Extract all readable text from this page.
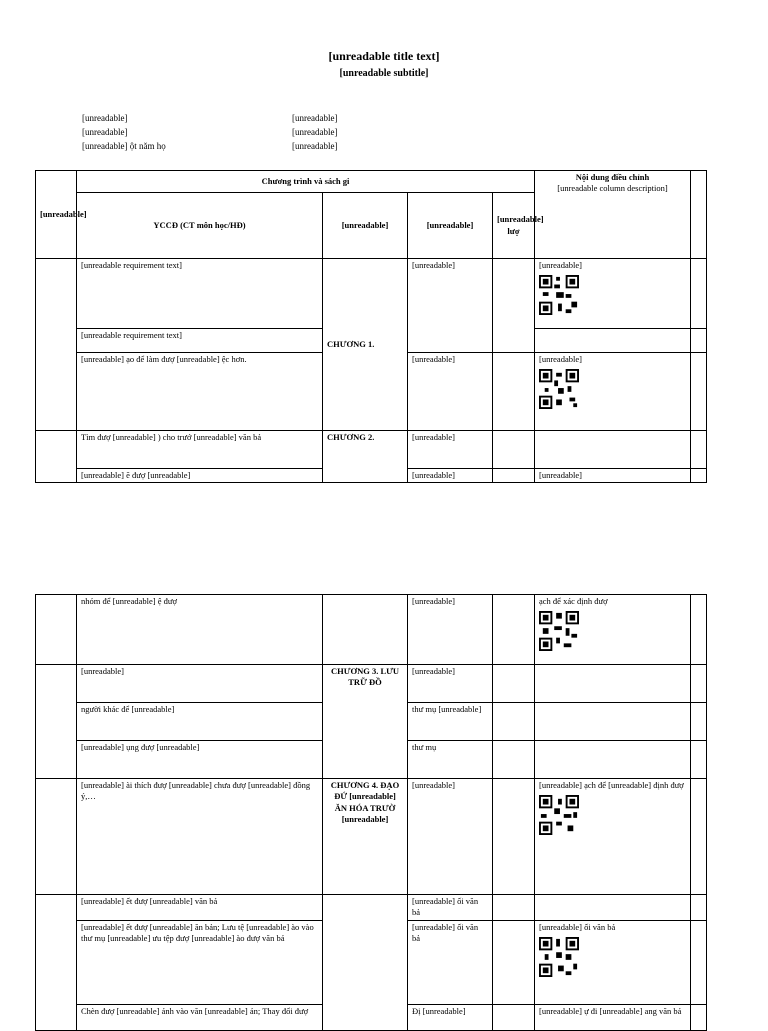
[unreadable title text]
[unreadable subtitle]
[unreadable]	[unreadable]
[unreadable]	[unreadable]
[unreadable] ột năm họ	[unreadable]
[unreadable]	Chương trình và sách gi				Nội dung điều chỉnh
[unreadable column description]	

	YCCĐ (CT môn học/HĐ)	[unreadable]	[unreadable]	[unreadable] lượ		
	[unreadable requirement text]	CHƯƠNG 1.	[unreadable]		[unreadable]	

	[unreadable requirement text]					
	[unreadable] ạo để làm đượ [unreadable] ệc hơn.		[unreadable]		[unreadable]	

	Tìm đượ [unreadable] ) cho trướ [unreadable] văn bả	CHƯƠNG 2.	[unreadable]			
	[unreadable] ẽ đượ [unreadable]		[unreadable]		[unreadable]	
	nhóm để [unreadable] ệ đượ		[unreadable]		ạch để xác định đượ	

	[unreadable]	CHƯƠNG 3. LƯU TRỮ ĐỒ	[unreadable]			
	người khác để [unreadable]		thư mụ [unreadable]			
	[unreadable] ụng đượ [unreadable]		thư mụ			
	[unreadable] ài thích đượ [unreadable] chưa đượ [unreadable] đồng ý,…	CHƯƠNG 4. ĐẠO ĐỨ [unreadable] ĂN HÓA TRƯỜ [unreadable]	[unreadable]		[unreadable] ạch để [unreadable] định đượ	

	[unreadable] ết đượ [unreadable] văn bả		[unreadable] ối văn bả			
	[unreadable] ết đượ [unreadable] ăn bản; Lưu tệ [unreadable] ào vào thư mụ [unreadable] ưu tệp đượ [unreadable] ào đượ văn bả		[unreadable] ối văn bả		[unreadable] ối văn bả	

	Chèn đượ [unreadable] ảnh vào văn [unreadable] ản; Thay đổi đượ		Đị [unreadable]		[unreadable] ự đi [unreadable] ang văn bả	
